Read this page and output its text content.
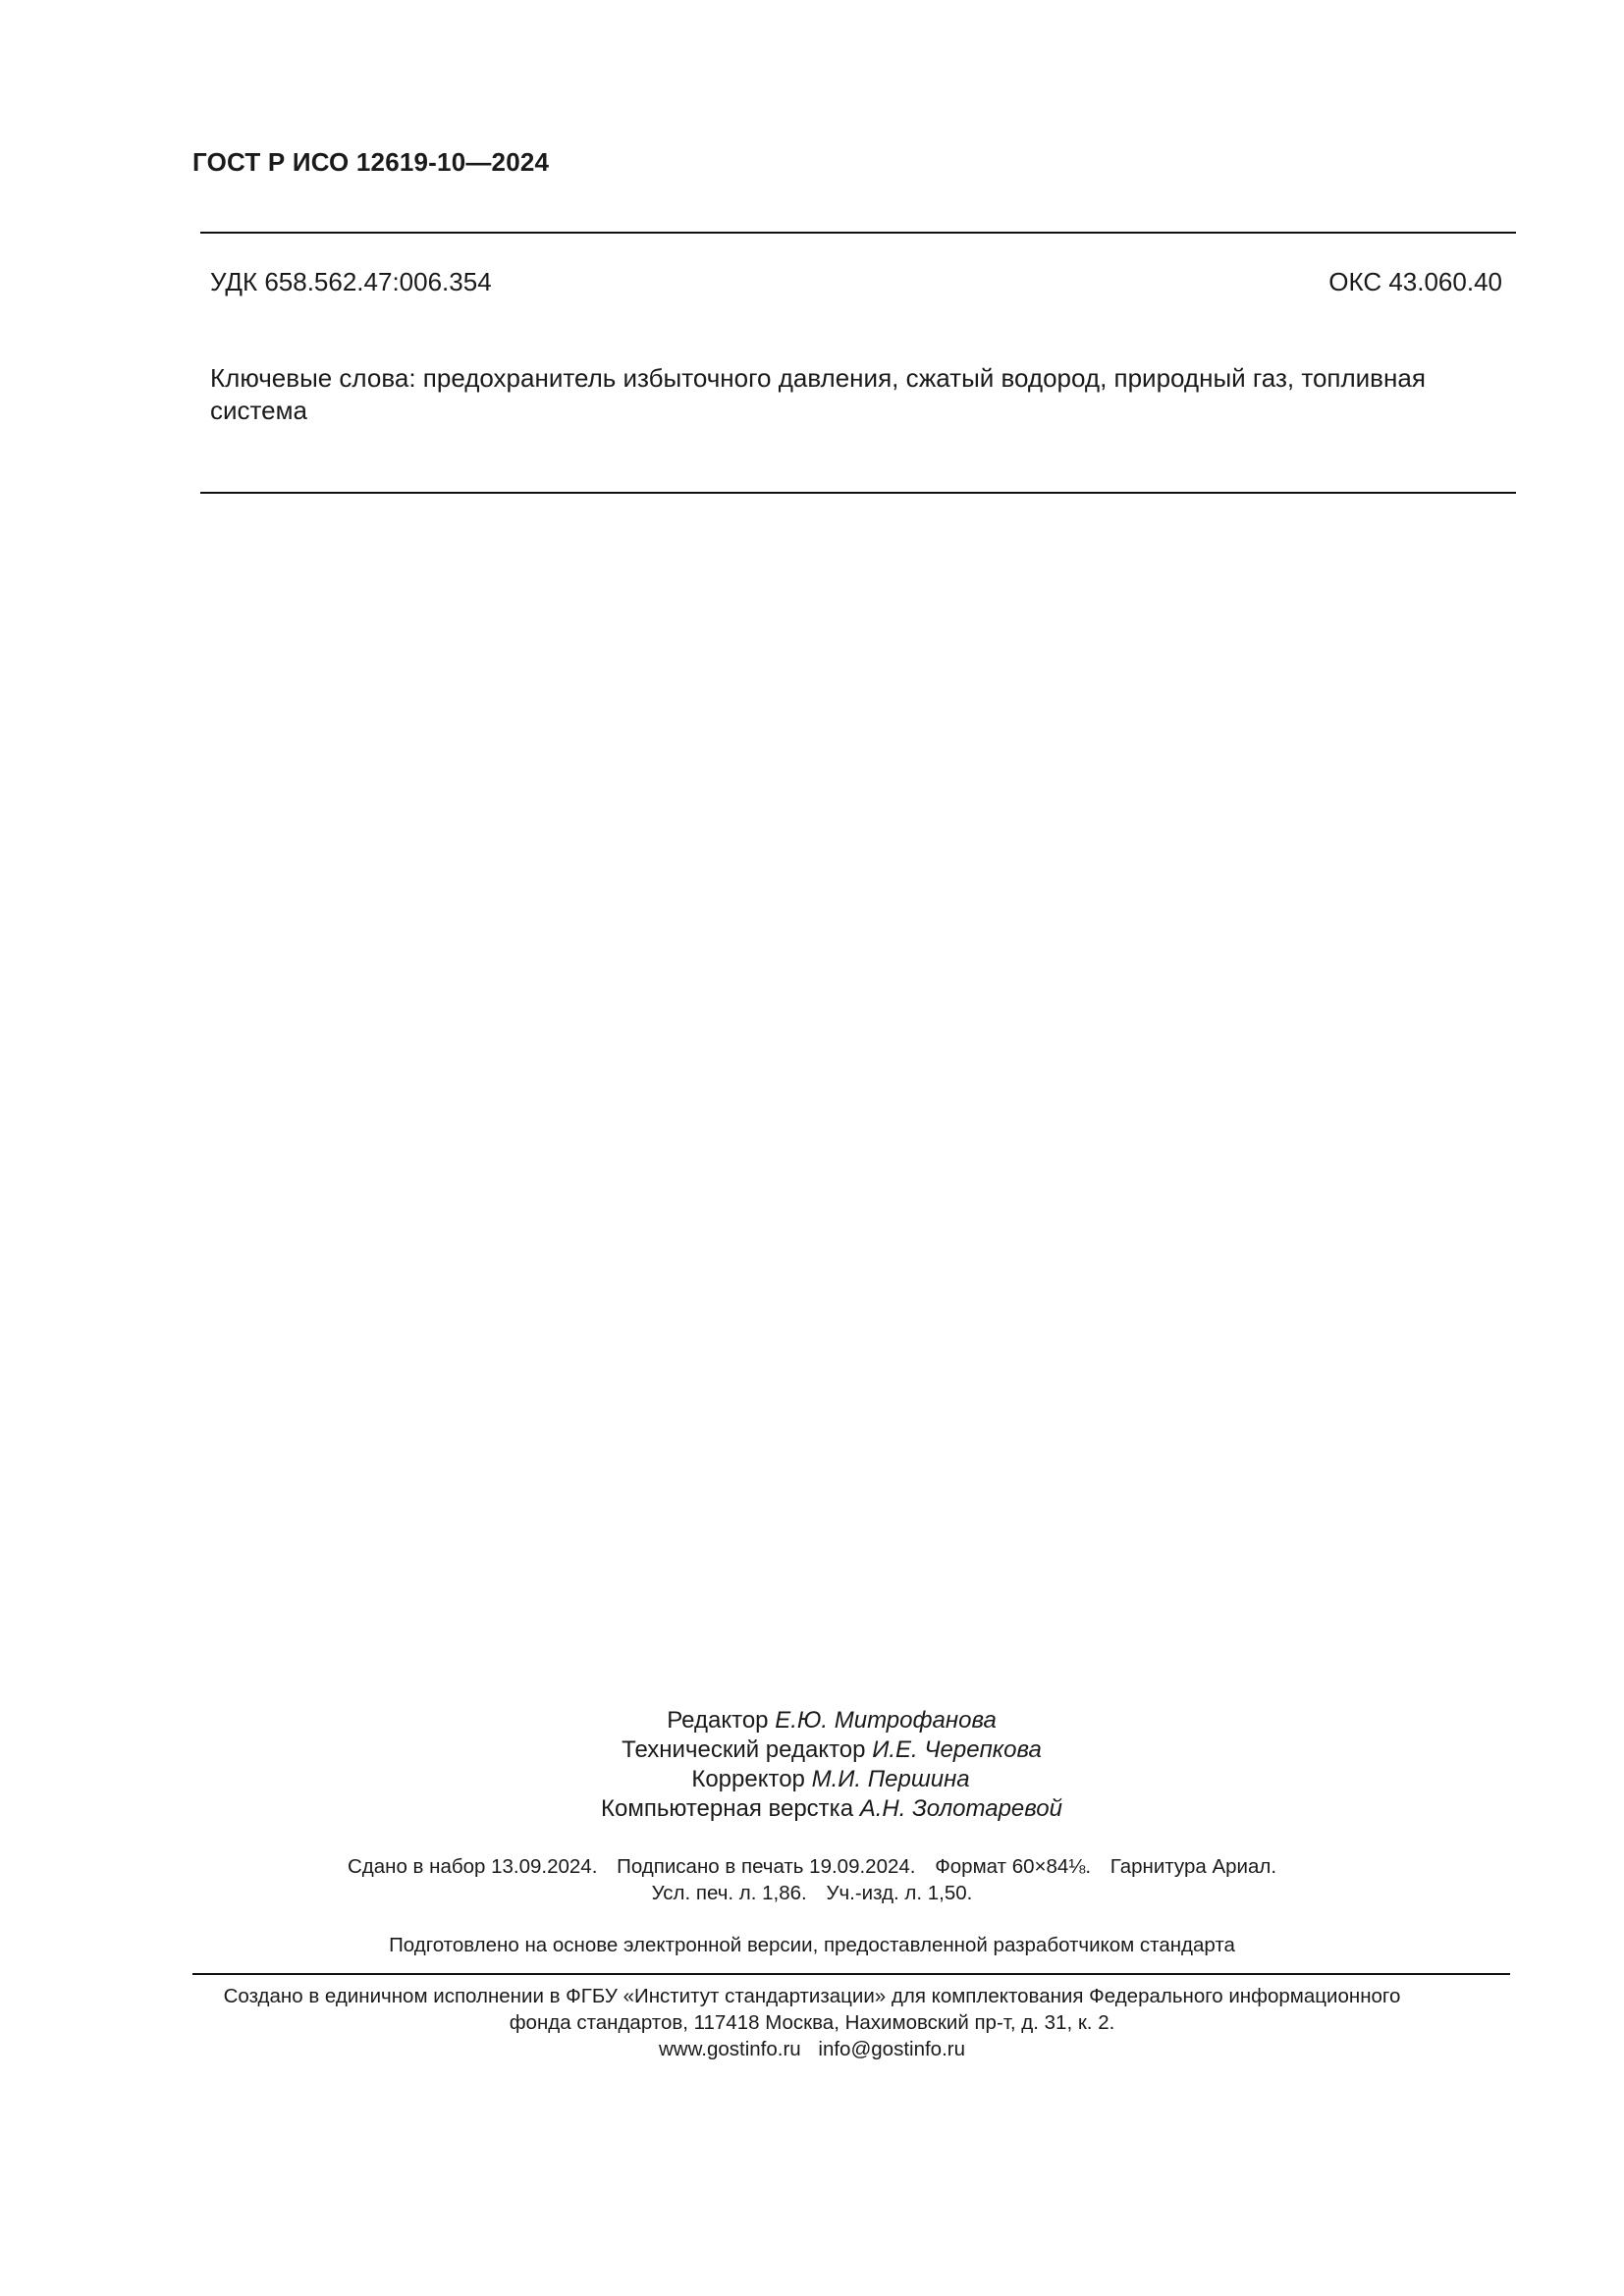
ГОСТ Р ИСО 12619-10—2024
УДК 658.562.47:006.354	ОКС 43.060.40
Ключевые слова: предохранитель избыточного давления, сжатый водород, природный газ, топливная система
Редактор Е.Ю. Митрофанова
Технический редактор И.Е. Черепкова
Корректор М.И. Першина
Компьютерная верстка А.Н. Золотаревой
Сдано в набор 13.09.2024. Подписано в печать 19.09.2024. Формат 60×84⅛. Гарнитура Ариал.
Усл. печ. л. 1,86. Уч.-изд. л. 1,50.
Подготовлено на основе электронной версии, предоставленной разработчиком стандарта
Создано в единичном исполнении в ФГБУ «Институт стандартизации» для комплектования Федерального информационного
фонда стандартов, 117418 Москва, Нахимовский пр-т, д. 31, к. 2.
www.gostinfo.ru info@gostinfo.ru
